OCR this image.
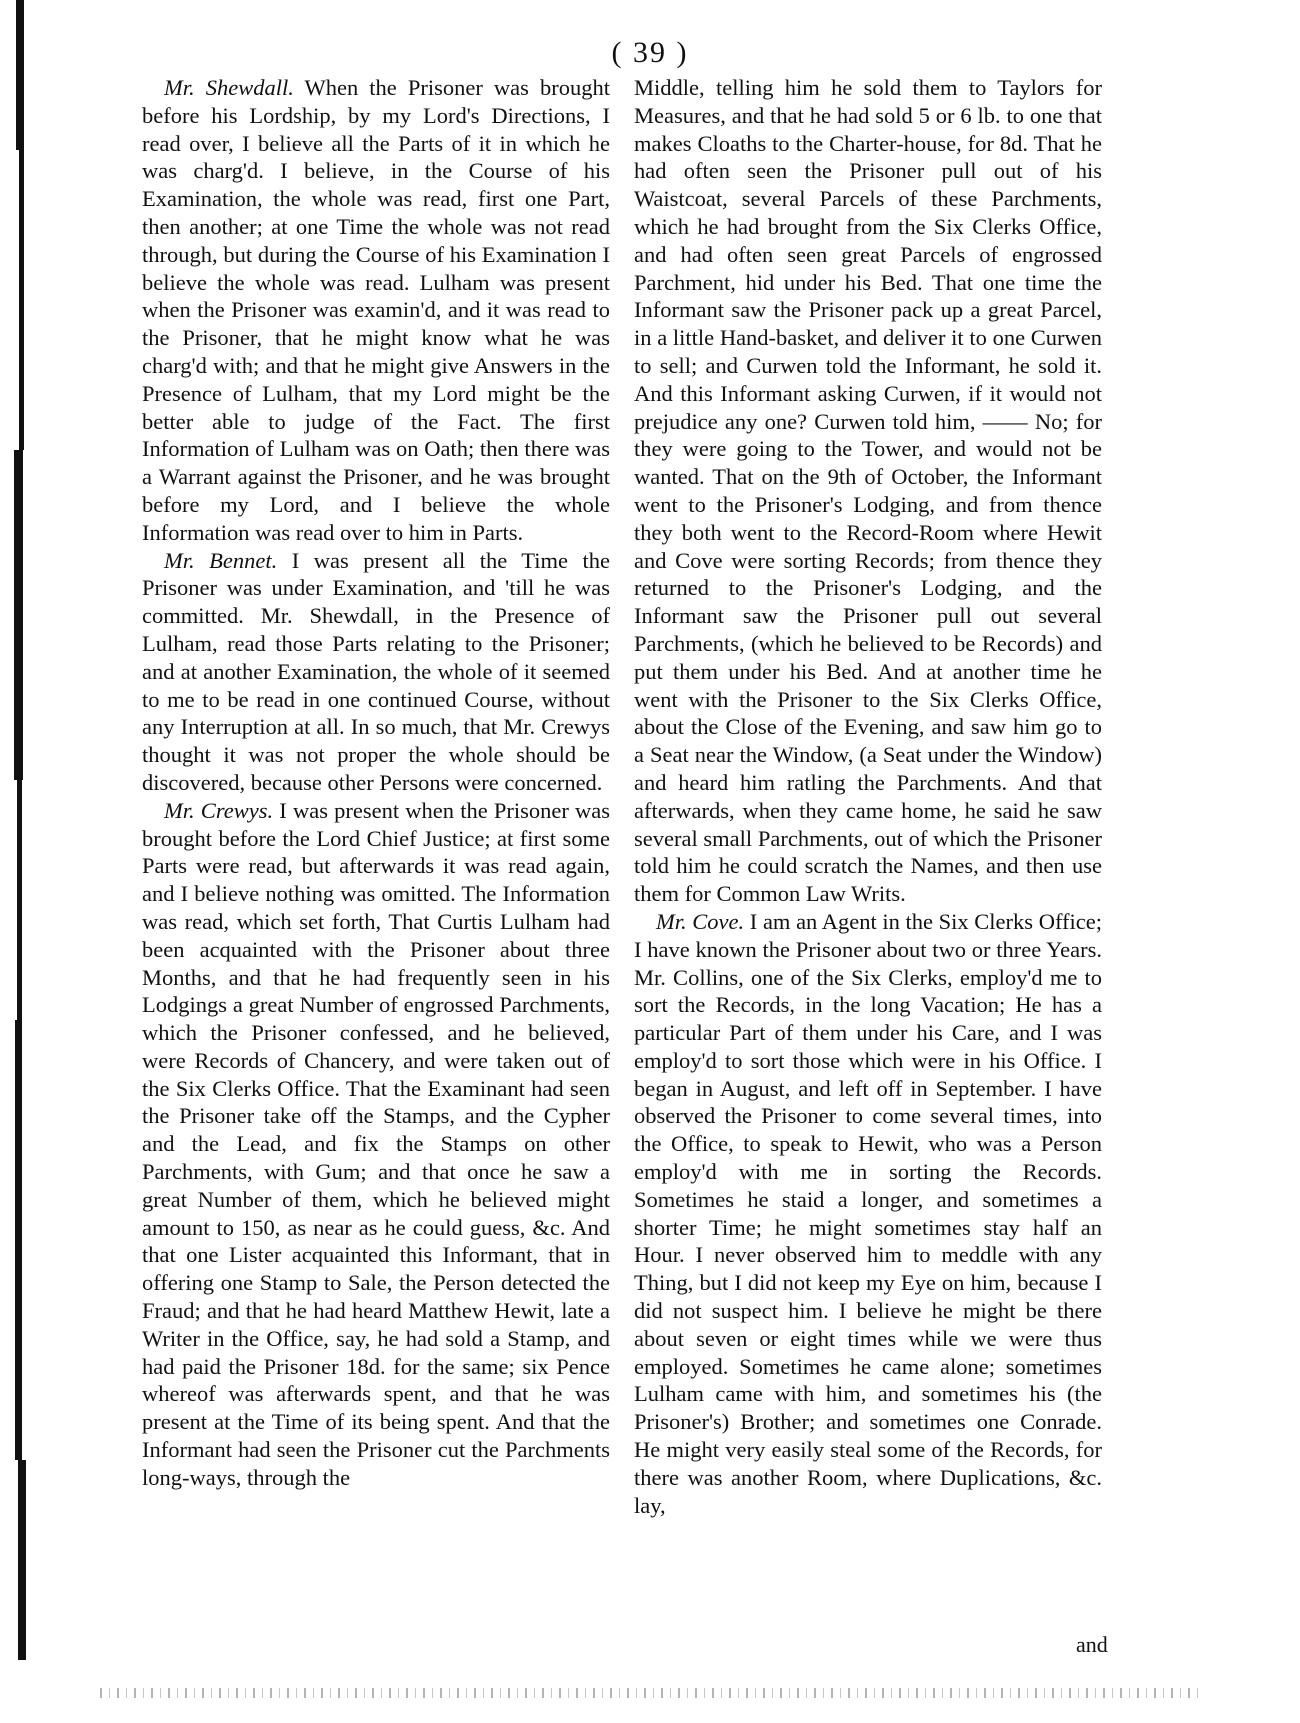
( 39 )

Mr. Shewdall. When the Prisoner was brought before his Lordship, by my Lord's Directions, I read over, I believe all the Parts of it in which he was charg'd. I believe, in the Course of his Examination, the whole was read, first one Part, then another; at one Time the whole was not read through, but during the Course of his Examination I believe the whole was read. Lulham was present when the Prisoner was examin'd, and it was read to the Prisoner, that he might know what he was charg'd with; and that he might give Answers in the Presence of Lulham, that my Lord might be the better able to judge of the Fact. The first Information of Lulham was on Oath; then there was a Warrant against the Prisoner, and he was brought before my Lord, and I believe the whole Information was read over to him in Parts.

Mr. Bennet. I was present all the Time the Prisoner was under Examination, and 'till he was committed. Mr. Shewdall, in the Presence of Lulham, read those Parts relating to the Prisoner; and at another Examination, the whole of it seemed to me to be read in one continued Course, without any Interruption at all. In so much, that Mr. Crewys thought it was not proper the whole should be discovered, because other Persons were concerned.

Mr. Crewys. I was present when the Prisoner was brought before the Lord Chief Justice; at first some Parts were read, but afterwards it was read again, and I believe nothing was omitted. The Information was read, which set forth, That Curtis Lulham had been acquainted with the Prisoner about three Months, and that he had frequently seen in his Lodgings a great Number of engrossed Parchments, which the Prisoner confessed, and he believed, were Records of Chancery, and were taken out of the Six Clerks Office. That the Examinant had seen the Prisoner take off the Stamps, and the Cypher and the Lead, and fix the Stamps on other Parchments, with Gum; and that once he saw a great Number of them, which he believed might amount to 150, as near as he could guess, &c. And that one Lister acquainted this Informant, that in offering one Stamp to Sale, the Person detected the Fraud; and that he had heard Matthew Hewit, late a Writer in the Office, say, he had sold a Stamp, and had paid the Prisoner 18d. for the same; six Pence whereof was afterwards spent, and that he was present at the Time of its being spent. And that the Informant had seen the Prisoner cut the Parchments long-ways, through the

Middle, telling him he sold them to Taylors for Measures, and that he had sold 5 or 6 lb. to one that makes Cloaths to the Charter-house, for 8d. That he had often seen the Prisoner pull out of his Waistcoat, several Parcels of these Parchments, which he had brought from the Six Clerks Office, and had often seen great Parcels of engrossed Parchment, hid under his Bed. That one time the Informant saw the Prisoner pack up a great Parcel, in a little Hand-basket, and deliver it to one Curwen to sell; and Curwen told the Informant, he sold it. And this Informant asking Curwen, if it would not prejudice any one? Curwen told him, —— No; for they were going to the Tower, and would not be wanted. That on the 9th of October, the Informant went to the Prisoner's Lodging, and from thence they both went to the Record-Room where Hewit and Cove were sorting Records; from thence they returned to the Prisoner's Lodging, and the Informant saw the Prisoner pull out several Parchments, (which he believed to be Records) and put them under his Bed. And at another time he went with the Prisoner to the Six Clerks Office, about the Close of the Evening, and saw him go to a Seat near the Window, (a Seat under the Window) and heard him ratling the Parchments. And that afterwards, when they came home, he said he saw several small Parchments, out of which the Prisoner told him he could scratch the Names, and then use them for Common Law Writs.

Mr. Cove. I am an Agent in the Six Clerks Office; I have known the Prisoner about two or three Years. Mr. Collins, one of the Six Clerks, employ'd me to sort the Records, in the long Vacation; He has a particular Part of them under his Care, and I was employ'd to sort those which were in his Office. I began in August, and left off in September. I have observed the Prisoner to come several times, into the Office, to speak to Hewit, who was a Person employ'd with me in sorting the Records. Sometimes he staid a longer, and sometimes a shorter Time; he might sometimes stay half an Hour. I never observed him to meddle with any Thing, but I did not keep my Eye on him, because I did not suspect him. I believe he might be there about seven or eight times while we were thus employed. Sometimes he came alone; sometimes Lulham came with him, and sometimes his (the Prisoner's) Brother; and sometimes one Conrade. He might very easily steal some of the Records, for there was another Room, where Duplications, &c. lay,

and
